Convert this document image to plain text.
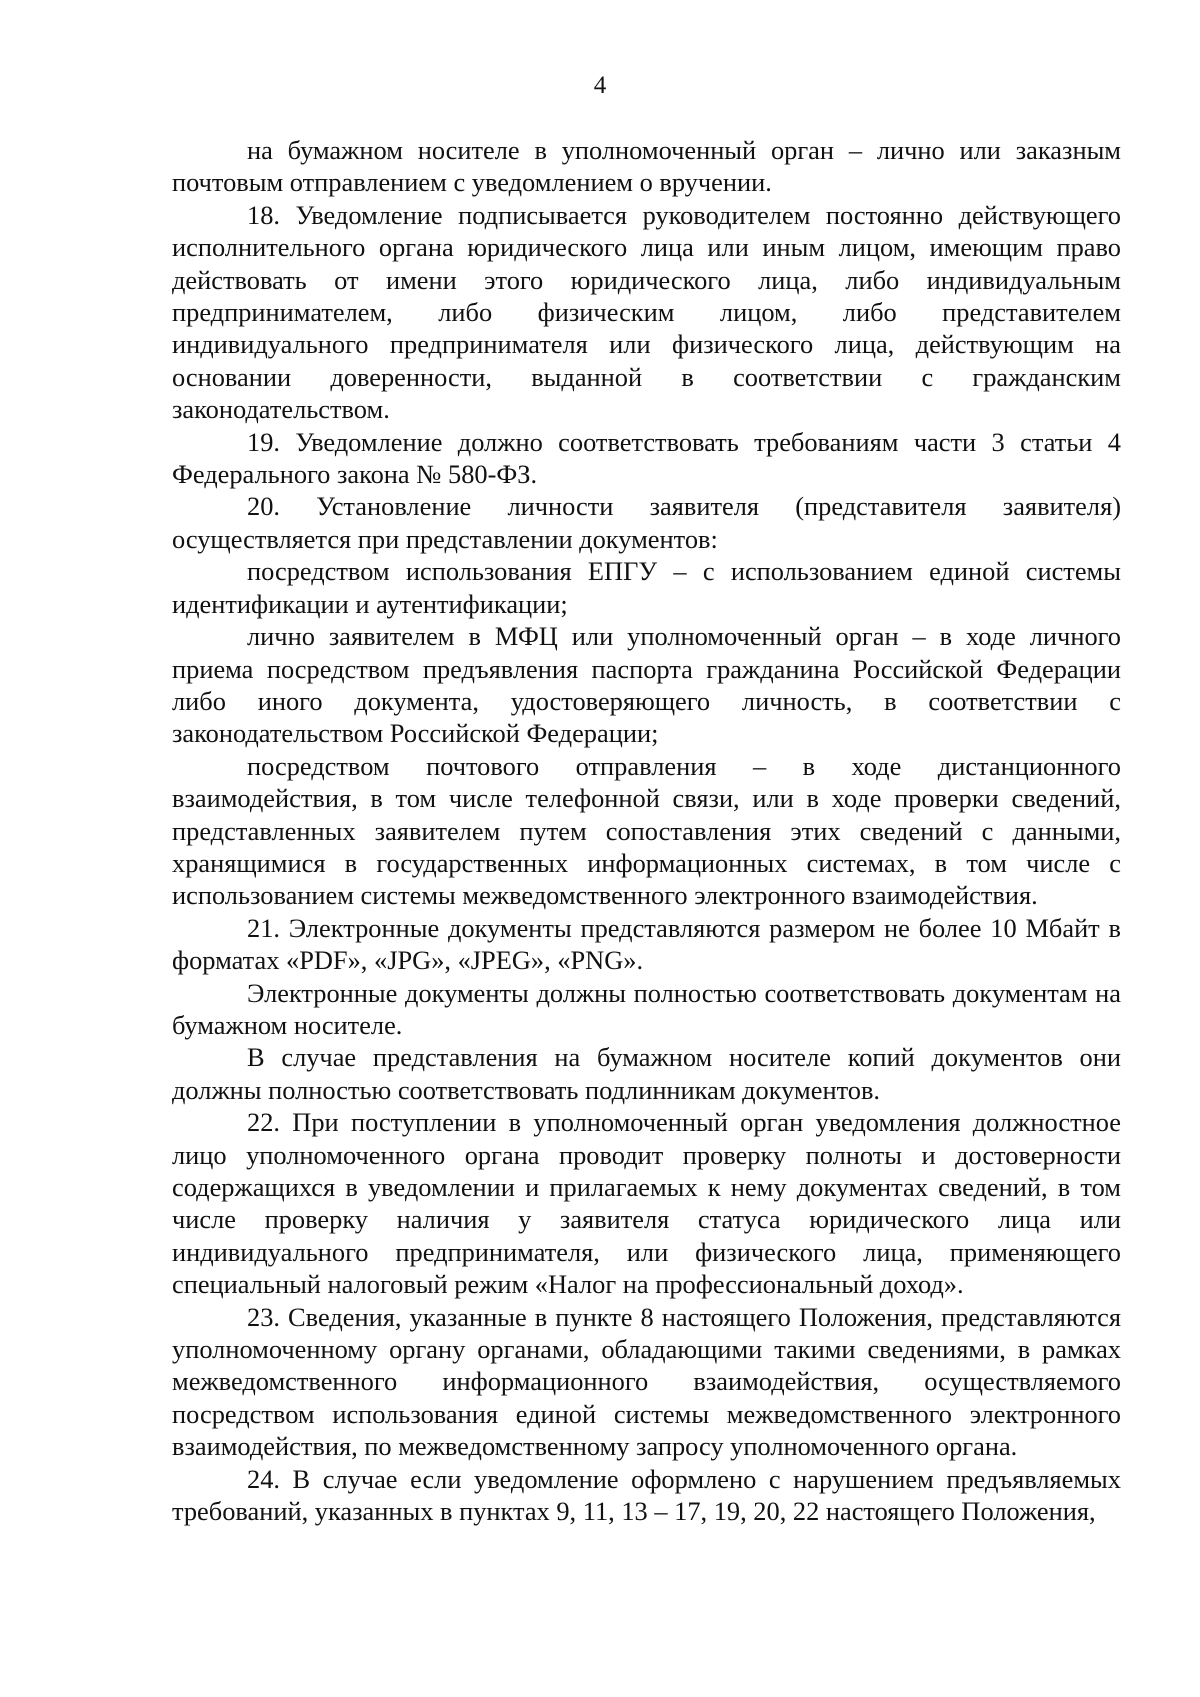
4

на бумажном носителе в уполномоченный орган – лично или заказным почтовым отправлением с уведомлением о вручении.

18. Уведомление подписывается руководителем постоянно действующего исполнительного органа юридического лица или иным лицом, имеющим право действовать от имени этого юридического лица, либо индивидуальным предпринимателем, либо физическим лицом, либо представителем индивидуального предпринимателя или физического лица, действующим на основании доверенности, выданной в соответствии с гражданским законодательством.

19. Уведомление должно соответствовать требованиям части 3 статьи 4 Федерального закона № 580-ФЗ.

20. Установление личности заявителя (представителя заявителя) осуществляется при представлении документов:

посредством использования ЕПГУ – с использованием единой системы идентификации и аутентификации;

лично заявителем в МФЦ или уполномоченный орган – в ходе личного приема посредством предъявления паспорта гражданина Российской Федерации либо иного документа, удостоверяющего личность, в соответствии с законодательством Российской Федерации;

посредством почтового отправления – в ходе дистанционного взаимодействия, в том числе телефонной связи, или в ходе проверки сведений, представленных заявителем путем сопоставления этих сведений с данными, хранящимися в государственных информационных системах, в том числе с использованием системы межведомственного электронного взаимодействия.

21. Электронные документы представляются размером не более 10 Мбайт в форматах «PDF», «JPG», «JPEG», «PNG».

Электронные документы должны полностью соответствовать документам на бумажном носителе.

В случае представления на бумажном носителе копий документов они должны полностью соответствовать подлинникам документов.

22. При поступлении в уполномоченный орган уведомления должностное лицо уполномоченного органа проводит проверку полноты и достоверности содержащихся в уведомлении и прилагаемых к нему документах сведений, в том числе проверку наличия у заявителя статуса юридического лица или индивидуального предпринимателя, или физического лица, применяющего специальный налоговый режим «Налог на профессиональный доход».

23. Сведения, указанные в пункте 8 настоящего Положения, представляются уполномоченному органу органами, обладающими такими сведениями, в рамках межведомственного информационного взаимодействия, осуществляемого посредством использования единой системы межведомственного электронного взаимодействия, по межведомственному запросу уполномоченного органа.

24. В случае если уведомление оформлено с нарушением предъявляемых требований, указанных в пунктах 9, 11, 13 – 17, 19, 20, 22 настоящего Положения,
